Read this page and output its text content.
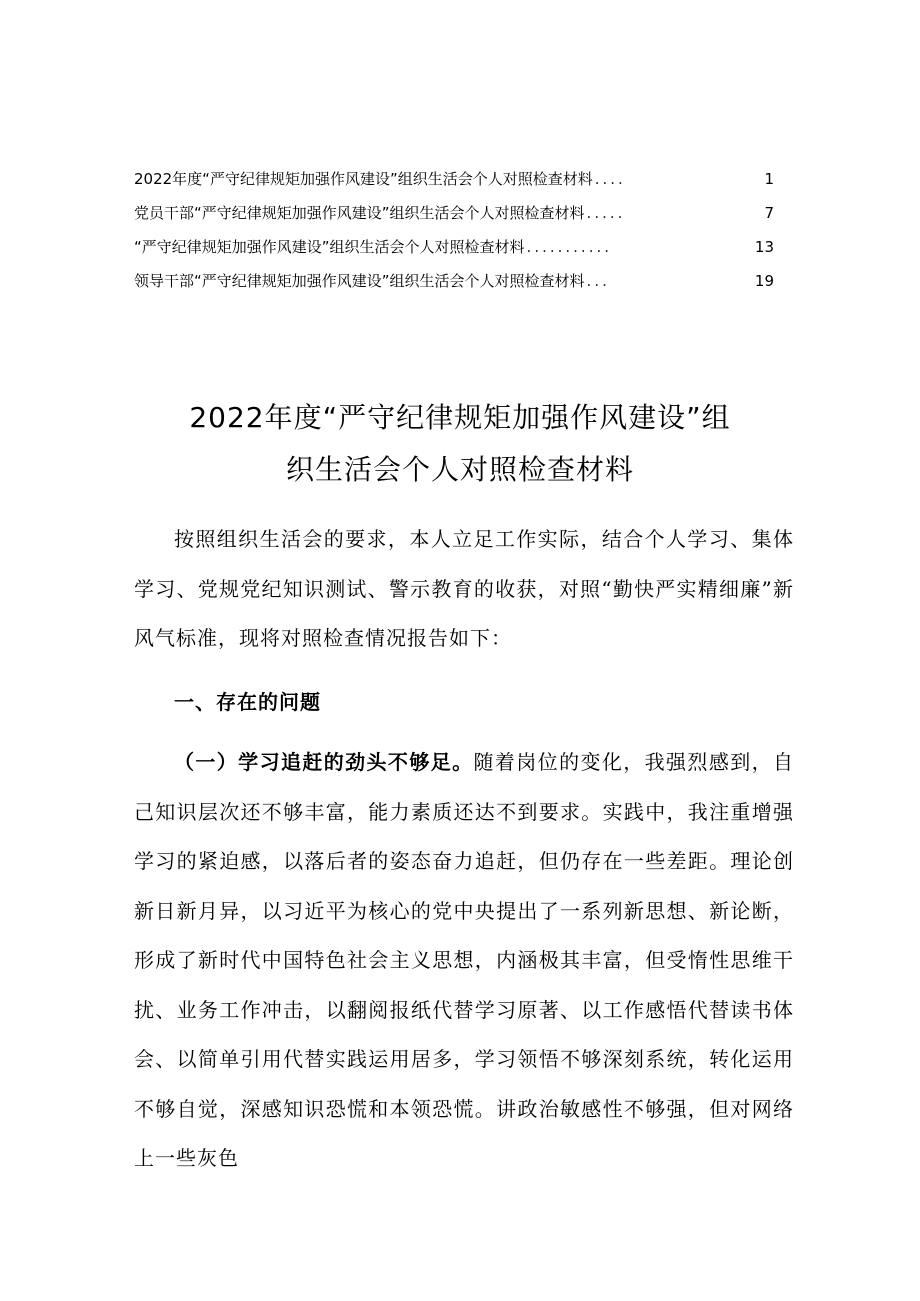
2022年度“严守纪律规矩加强作风建设”组织生活会个人对照检查材料 ....	1
党员干部“严守纪律规矩加强作风建设”组织生活会个人对照检查材料 .....	7
“严守纪律规矩加强作风建设”组织生活会个人对照检查材料 ...........	13
领导干部“严守纪律规矩加强作风建设”组织生活会个人对照检查材料 ...	19
2022年度“严守纪律规矩加强作风建设”组
织生活会个人对照检查材料

按照组织生活会的要求，本人立足工作实际，结合个人学习、集体学习、党规党纪知识测试、警示教育的收获，对照“勤快严实精细廉”新风气标准，现将对照检查情况报告如下：

一、存在的问题

（一）学习追赶的劲头不够足。随着岗位的变化，我强烈感到，自己知识层次还不够丰富，能力素质还达不到要求。实践中，我注重增强学习的紧迫感，以落后者的姿态奋力追赶，但仍存在一些差距。理论创新日新月异，以习近平为核心的党中央提出了一系列新思想、新论断，形成了新时代中国特色社会主义思想，内涵极其丰富，但受惰性思维干扰、业务工作冲击，以翻阅报纸代替学习原著、以工作感悟代替读书体会、以简单引用代替实践运用居多，学习领悟不够深刻系统，转化运用不够自觉，深感知识恐慌和本领恐慌。讲政治敏感性不够强，但对网络上一些灰色
